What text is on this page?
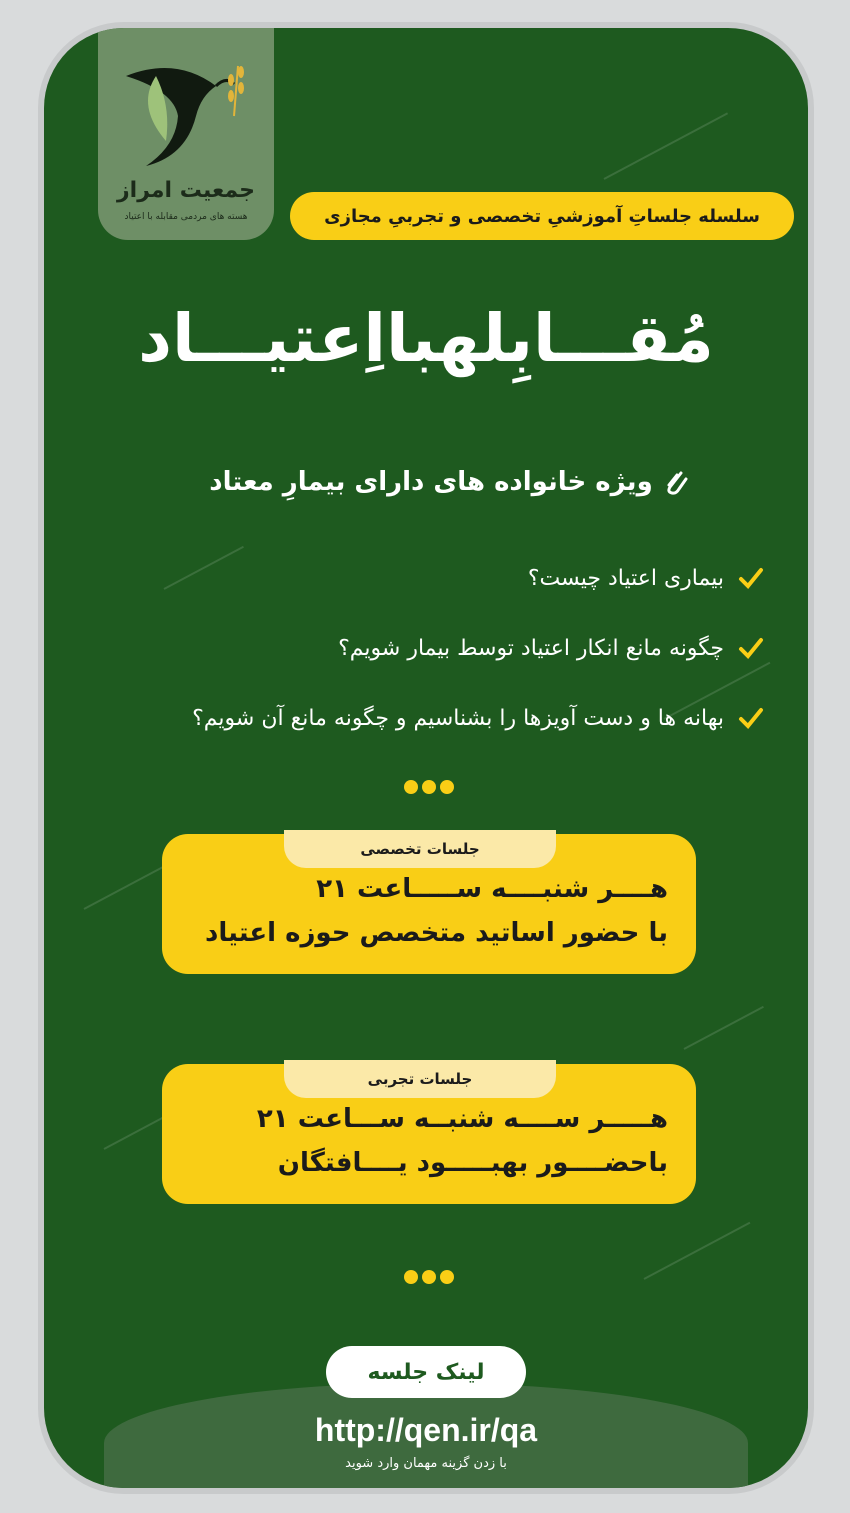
جمعیت امراز
هسته های مردمی مقابله با اعتیاد	سلسله جلساتِ آموزشیِ تخصصی و تجربیِ مجازی
مُقـــابِلهبااِعتیـــاد
ویژه خانواده های دارای بیمارِ معتاد
بیماری اعتیاد چیست؟
چگونه مانع انکار اعتیاد توسط بیمار شویم؟
بهانه ها و دست آویزها را بشناسیم و چگونه مانع آن شویم؟
جلسات تخصصی
هــــر شنبــــه ســـــاعت ۲۱
با حضور اساتید متخصص حوزه اعتیاد
جلسات تجربی
هـــــر ســــه شنبــه ســـاعت ۲۱
باحضــــور بهبـــــود یــــافتگان
لینک جلسه
http://qen.ir/qa
با زدن گزینه مهمان وارد شوید
